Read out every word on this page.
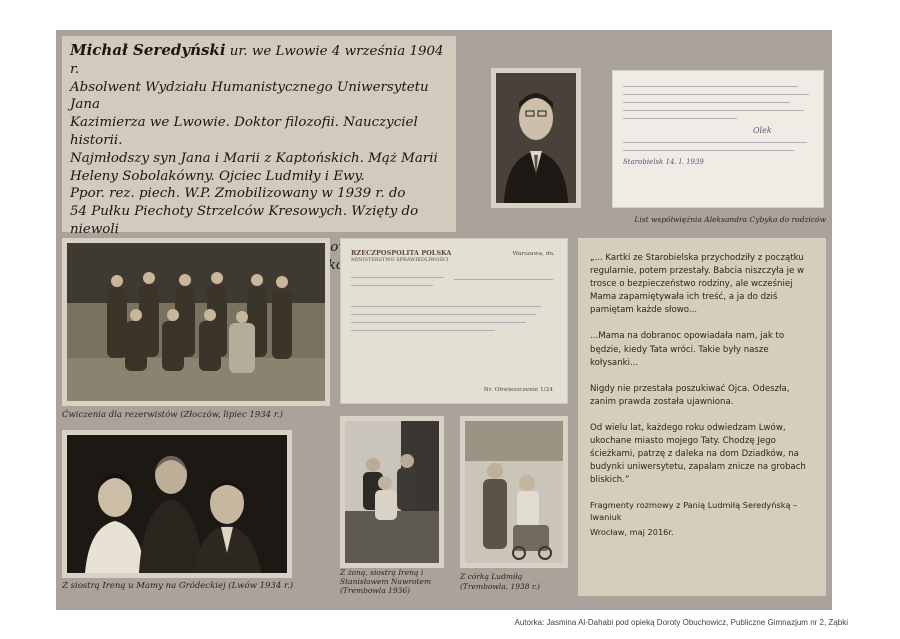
Michał Seredyński ur. we Lwowie 4 września 1904 r.
Absolwent Wydziału Humanistycznego Uniwersytetu Jana
Kazimierza we Lwowie. Doktor filozofii. Nauczyciel historii.
Najmłodszy syn Jana i Marii z Kaptońskich. Mąż Marii
Heleny Sobolakówny. Ojciec Ludmiły i Ewy.
Ppor. rez. piech. W.P. Zmobilizowany w 1939 r. do
54 Pułku Piechoty Strzelców Kresowych. Wzięty do niewoli
internowany
Charkowie.
Olek
Starobielsk 14. I. 1939
List współwięźnia Aleksandra Cybyka do rodziców
Ćwiczenia dla rezerwistów (Złoczów, lipiec 1934 r.)
RZECZPOSPOLITA POLSKA
MINISTERSTWO SPRAWIEDLIWOŚCI
Warszawa, dn.
Nr. Obwieszczenie 1/24
Z siostrą Ireną u Mamy na Gródeckiej (Lwów 1934 r.)
Z żoną, siostrą Ireną i Stanisławem Nawrotem (Trembowla 1936)
Z córką Ludmiłą (Trembowla, 1938 r.)

„... Kartki ze Starobielska przychodziły z początku regularnie, potem przestały. Babcia niszczyła je w trosce o bezpieczeństwo rodziny, ale wcześniej Mama zapamiętywała ich treść, a ja do dziś pamiętam każde słowo...

...Mama na dobranoc opowiadała nam, jak to będzie, kiedy Tata wróci. Takie były nasze kołysanki...

Nigdy nie przestała poszukiwać Ojca. Odeszła, zanim prawda została ujawniona.

Od wielu lat, każdego roku odwiedzam Lwów, ukochane miasto mojego Taty. Chodzę Jego ścieżkami, patrzę z daleka na dom Dziadków, na budynki uniwersytetu, zapalam znicze na grobach bliskich.”

Fragmenty rozmowy z Panią Ludmiłą Seredyńską – Iwaniuk
Wrocław, maj 2016r.
Autorka: Jasmina Al-Dahabi pod opieką Doroty Obuchowicz, Publiczne Gimnazjum nr 2, Ząbki
